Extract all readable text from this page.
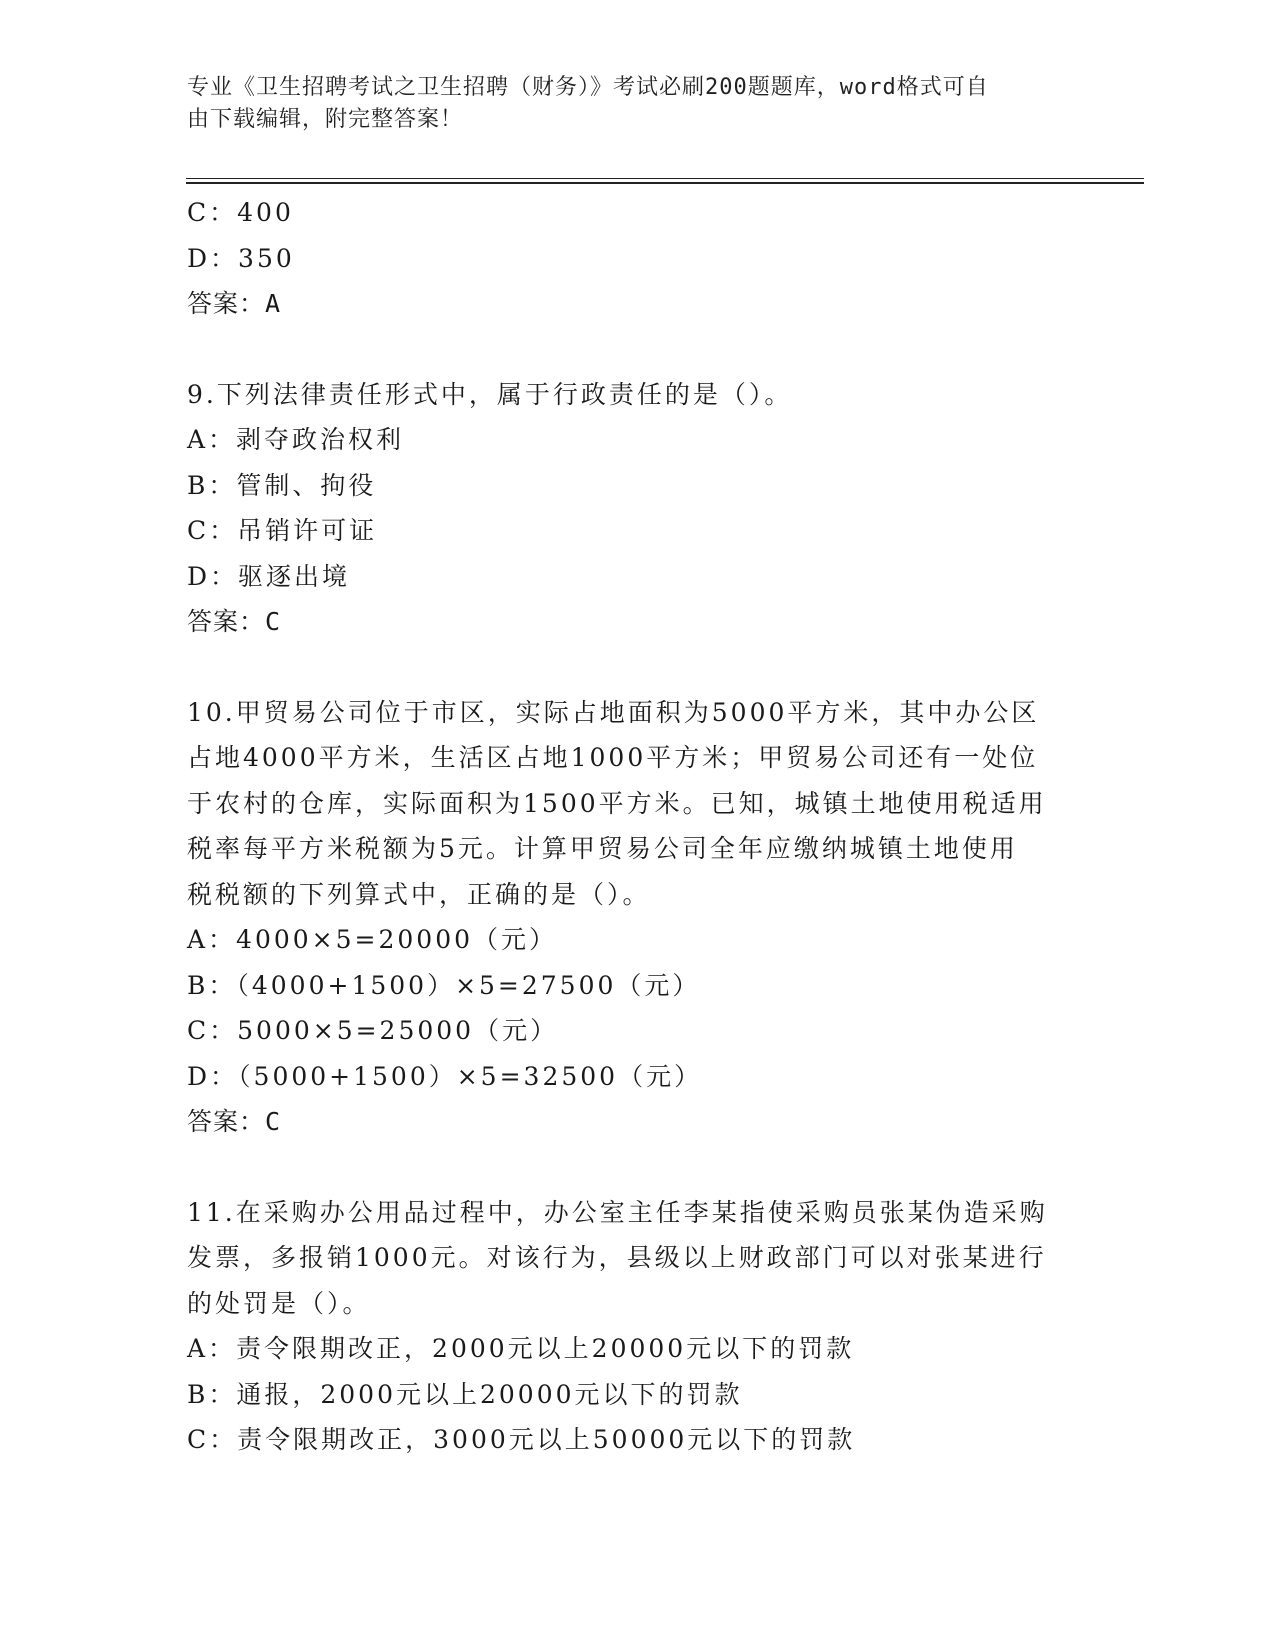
专业《卫生招聘考试之卫生招聘（财务）》考试必刷200题题库，word格式可自
由下载编辑，附完整答案！
C：400
D：350
答案：A
9.下列法律责任形式中，属于行政责任的是（）。
A：剥夺政治权利
B：管制、拘役
C：吊销许可证
D：驱逐出境
答案：C
10.甲贸易公司位于市区，实际占地面积为5000平方米，其中办公区
占地4000平方米，生活区占地1000平方米；甲贸易公司还有一处位
于农村的仓库，实际面积为1500平方米。已知，城镇土地使用税适用
税率每平方米税额为5元。计算甲贸易公司全年应缴纳城镇土地使用
税税额的下列算式中，正确的是（）。
A：4000×5=20000（元）
B：（4000+1500）×5=27500（元）
C：5000×5=25000（元）
D：（5000+1500）×5=32500（元）
答案：C
11.在采购办公用品过程中，办公室主任李某指使采购员张某伪造采购
发票，多报销1000元。对该行为，县级以上财政部门可以对张某进行
的处罚是（）。
A：责令限期改正，2000元以上20000元以下的罚款
B：通报，2000元以上20000元以下的罚款
C：责令限期改正，3000元以上50000元以下的罚款
